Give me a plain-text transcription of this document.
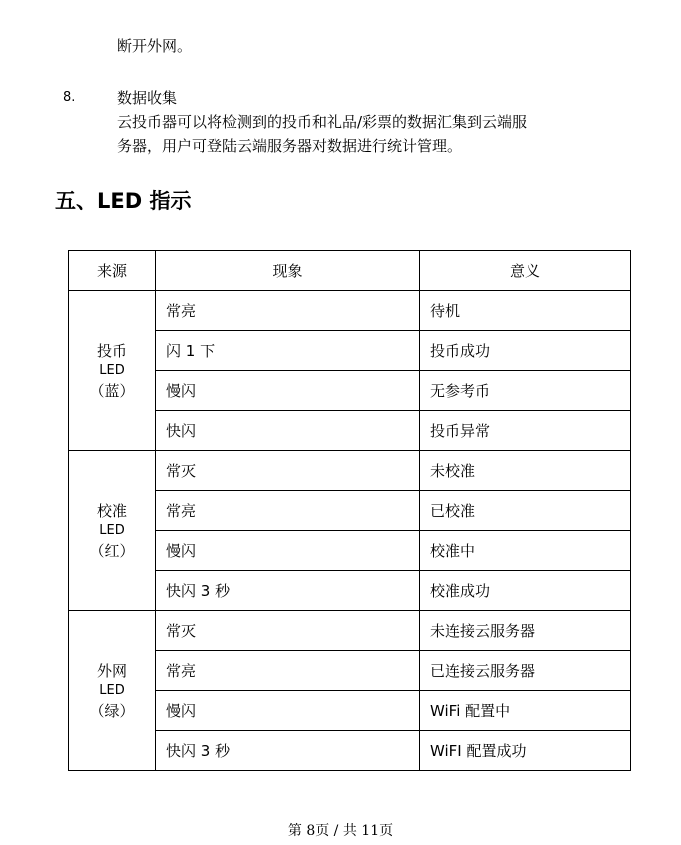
断开外网。

8.	数据收集

云投币器可以将检测到的投币和礼品/彩票的数据汇集到云端服

务器，用户可登陆云端服务器对数据进行统计管理。

五、LED 指示
来源	现象	意义

投币
LED
（蓝）	常亮	待机
	闪 1 下	投币成功
	慢闪	无参考币
	快闪	投币异常

校准
LED
（红）	常灭	未校准
	常亮	已校准
	慢闪	校准中
	快闪 3 秒	校准成功

外网
LED
（绿）	常灭	未连接云服务器
	常亮	已连接云服务器
	慢闪	WiFi 配置中
	快闪 3 秒	WiFI 配置成功
第 8页 / 共 11页
